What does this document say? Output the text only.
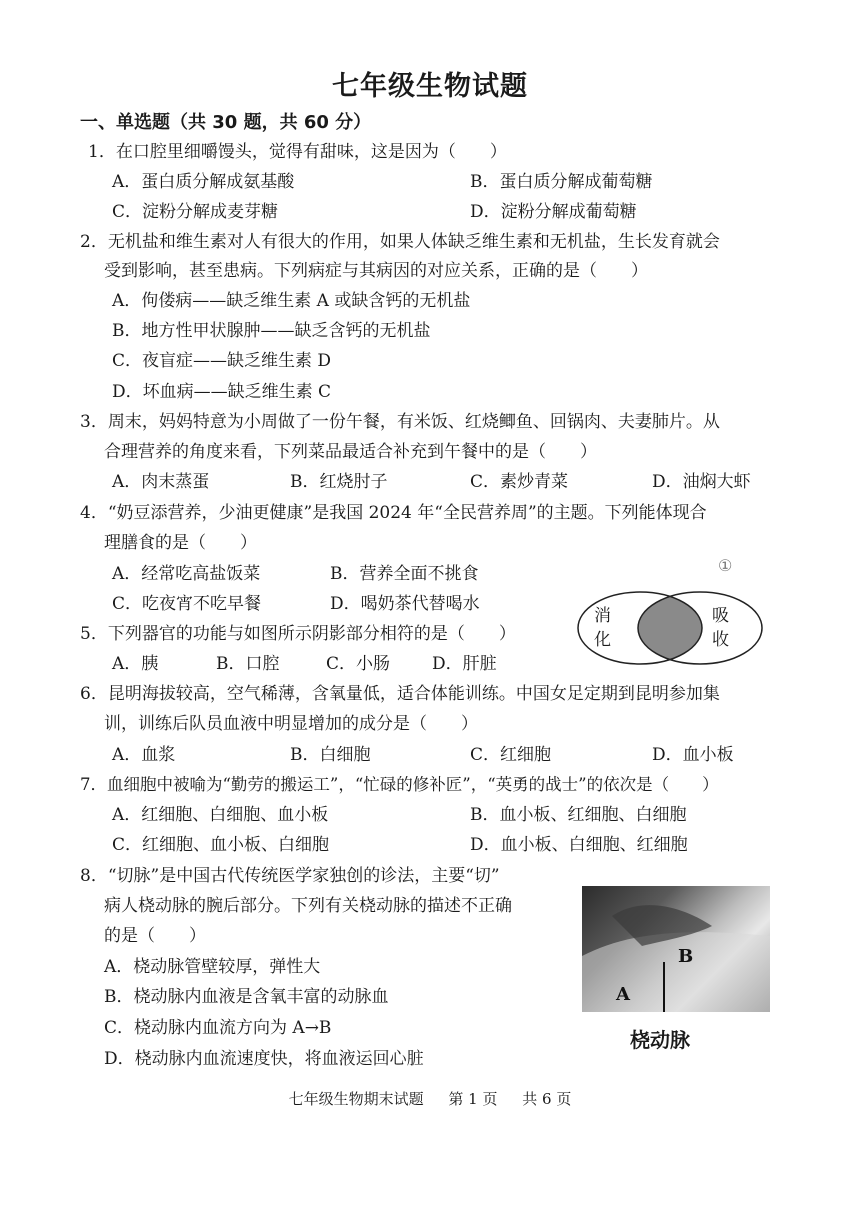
七年级生物试题
一、单选题（共 30 题，共 60 分）
1．在口腔里细嚼馒头，觉得有甜味，这是因为（　　）
A．蛋白质分解成氨基酸	B．蛋白质分解成葡萄糖
C．淀粉分解成麦芽糖	D．淀粉分解成葡萄糖
2．无机盐和维生素对人有很大的作用，如果人体缺乏维生素和无机盐，生长发育就会
受到影响，甚至患病。下列病症与其病因的对应关系，正确的是（　　）
A．佝偻病——缺乏维生素 A 或缺含钙的无机盐
B．地方性甲状腺肿——缺乏含钙的无机盐
C．夜盲症——缺乏维生素 D
D．坏血病——缺乏维生素 C
3．周末，妈妈特意为小周做了一份午餐，有米饭、红烧鲫鱼、回锅肉、夫妻肺片。从
合理营养的角度来看，下列菜品最适合补充到午餐中的是（　　）
A．肉末蒸蛋	B．红烧肘子	C．素炒青菜	D．油焖大虾
4．“奶豆添营养，少油更健康”是我国 2024 年“全民营养周”的主题。下列能体现合
理膳食的是（　　）
A．经常吃高盐饭菜	B．营养全面不挑食
C．吃夜宵不吃早餐	D．喝奶茶代替喝水
①
消化
吸收
5．下列器官的功能与如图所示阴影部分相符的是（　　）
A．胰	B．口腔	C．小肠 D．肝脏
6．昆明海拔较高，空气稀薄，含氧量低，适合体能训练。中国女足定期到昆明参加集
训，训练后队员血液中明显增加的成分是（　　）
A．血浆	B．白细胞	C．红细胞	D．血小板
7．血细胞中被喻为“勤劳的搬运工”，“忙碌的修补匠”，“英勇的战士”的依次是（　　）
A．红细胞、白细胞、血小板	B．血小板、红细胞、白细胞
C．红细胞、血小板、白细胞	D．血小板、白细胞、红细胞
8．“切脉”是中国古代传统医学家独创的诊法，主要“切”
病人桡动脉的腕后部分。下列有关桡动脉的描述不正确
的是（　　）
A．桡动脉管壁较厚，弹性大
B．桡动脉内血液是含氧丰富的动脉血
C．桡动脉内血流方向为 A→B
D．桡动脉内血流速度快，将血液运回心脏
B
A
桡动脉
七年级生物期末试题 第 1 页 共 6 页
